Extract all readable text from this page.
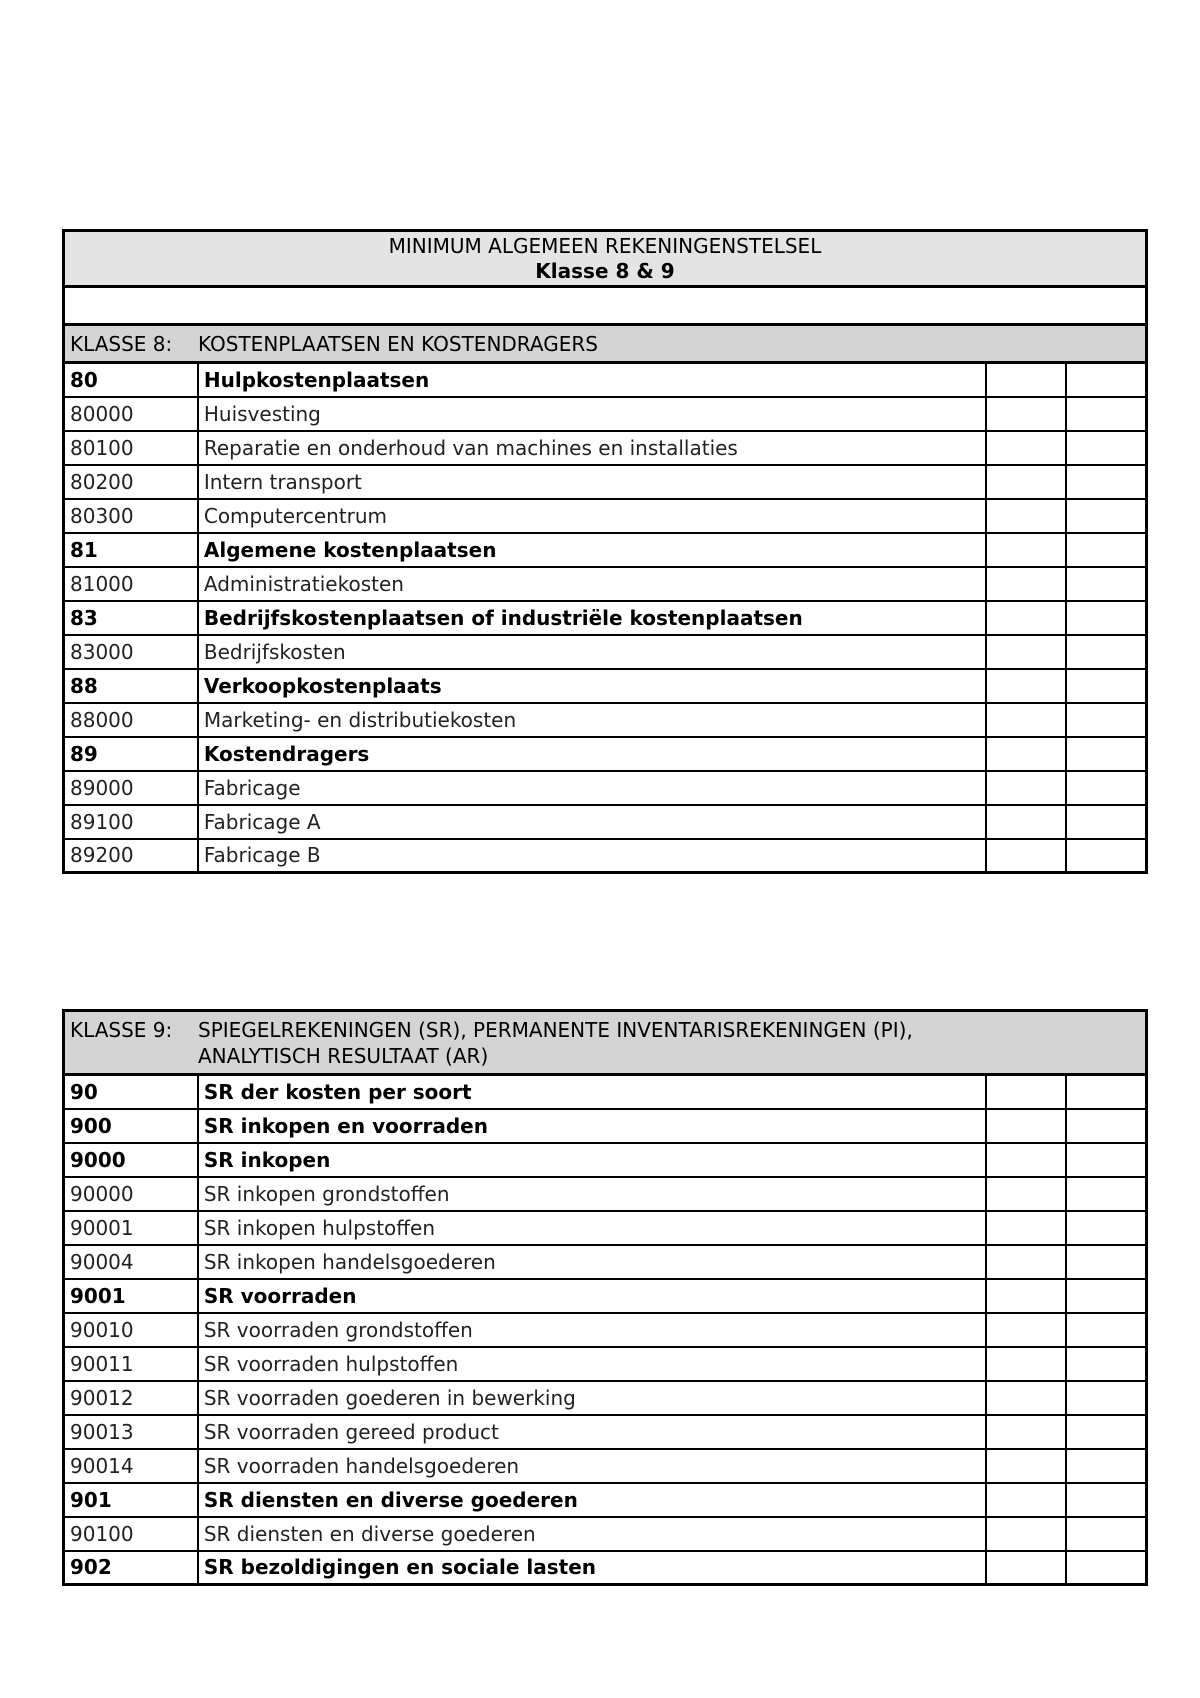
MINIMUM ALGEMEEN REKENINGENSTELSEL
Klasse 8 & 9			

KLASSE 8: KOSTENPLAATSEN EN KOSTENDRAGERS			
80	Hulpkostenplaatsen		
80000	Huisvesting		
80100	Reparatie en onderhoud van machines en installaties		
80200	Intern transport		
80300	Computercentrum		
81	Algemene kostenplaatsen		
81000	Administratiekosten		
83	Bedrijfskostenplaatsen of industriële kostenplaatsen		
83000	Bedrijfskosten		
88	Verkoopkostenplaats		
88000	Marketing- en distributiekosten		
89	Kostendragers		
89000	Fabricage		
89100	Fabricage A		
89200	Fabricage B		
KLASSE 9: SPIEGELREKENINGEN (SR), PERMANENTE INVENTARISREKENINGEN (PI),
ANALYTISCH RESULTAAT (AR)			
90	SR der kosten per soort		
900	SR inkopen en voorraden		
9000	SR inkopen		
90000	SR inkopen grondstoffen		
90001	SR inkopen hulpstoffen		
90004	SR inkopen handelsgoederen		
9001	SR voorraden		
90010	SR voorraden grondstoffen		
90011	SR voorraden hulpstoffen		
90012	SR voorraden goederen in bewerking		
90013	SR voorraden gereed product		
90014	SR voorraden handelsgoederen		
901	SR diensten en diverse goederen		
90100	SR diensten en diverse goederen		
902	SR bezoldigingen en sociale lasten		
